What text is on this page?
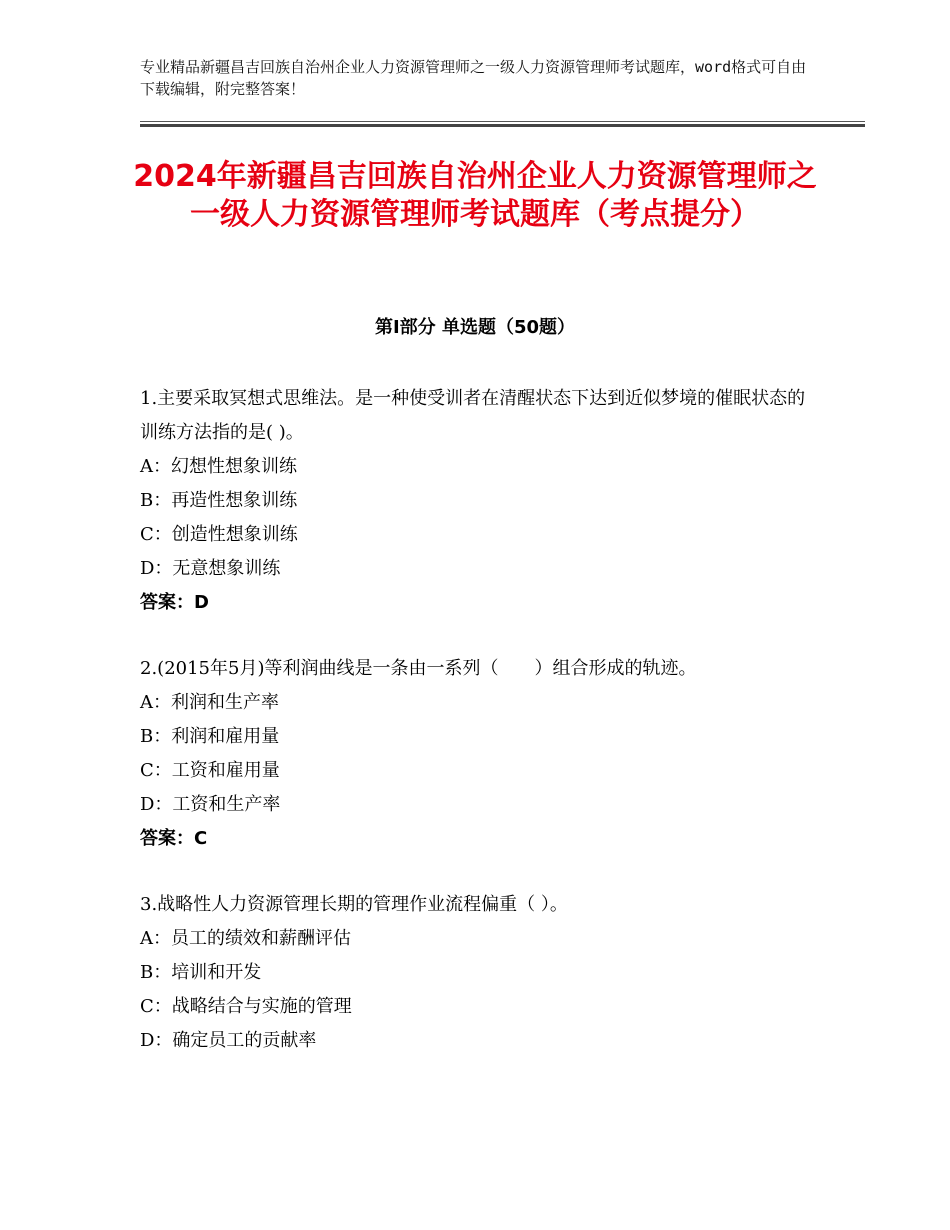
专业精品新疆昌吉回族自治州企业人力资源管理师之一级人力资源管理师考试题库，word格式可自由下载编辑，附完整答案！
2024年新疆昌吉回族自治州企业人力资源管理师之一级人力资源管理师考试题库（考点提分）
第Ⅰ部分 单选题（50题）

1.主要采取冥想式思维法。是一种使受训者在清醒状态下达到近似梦境的催眠状态的训练方法指的是( )。

A：幻想性想象训练
B：再造性想象训练
C：创造性想象训练
D：无意想象训练
答案：D

2.(2015年5月)等利润曲线是一条由一系列（　　）组合形成的轨迹。

A：利润和生产率
B：利润和雇用量
C：工资和雇用量
D：工资和生产率
答案：C

3.战略性人力资源管理长期的管理作业流程偏重（ ）。

A：员工的绩效和薪酬评估
B：培训和开发
C：战略结合与实施的管理
D：确定员工的贡献率
